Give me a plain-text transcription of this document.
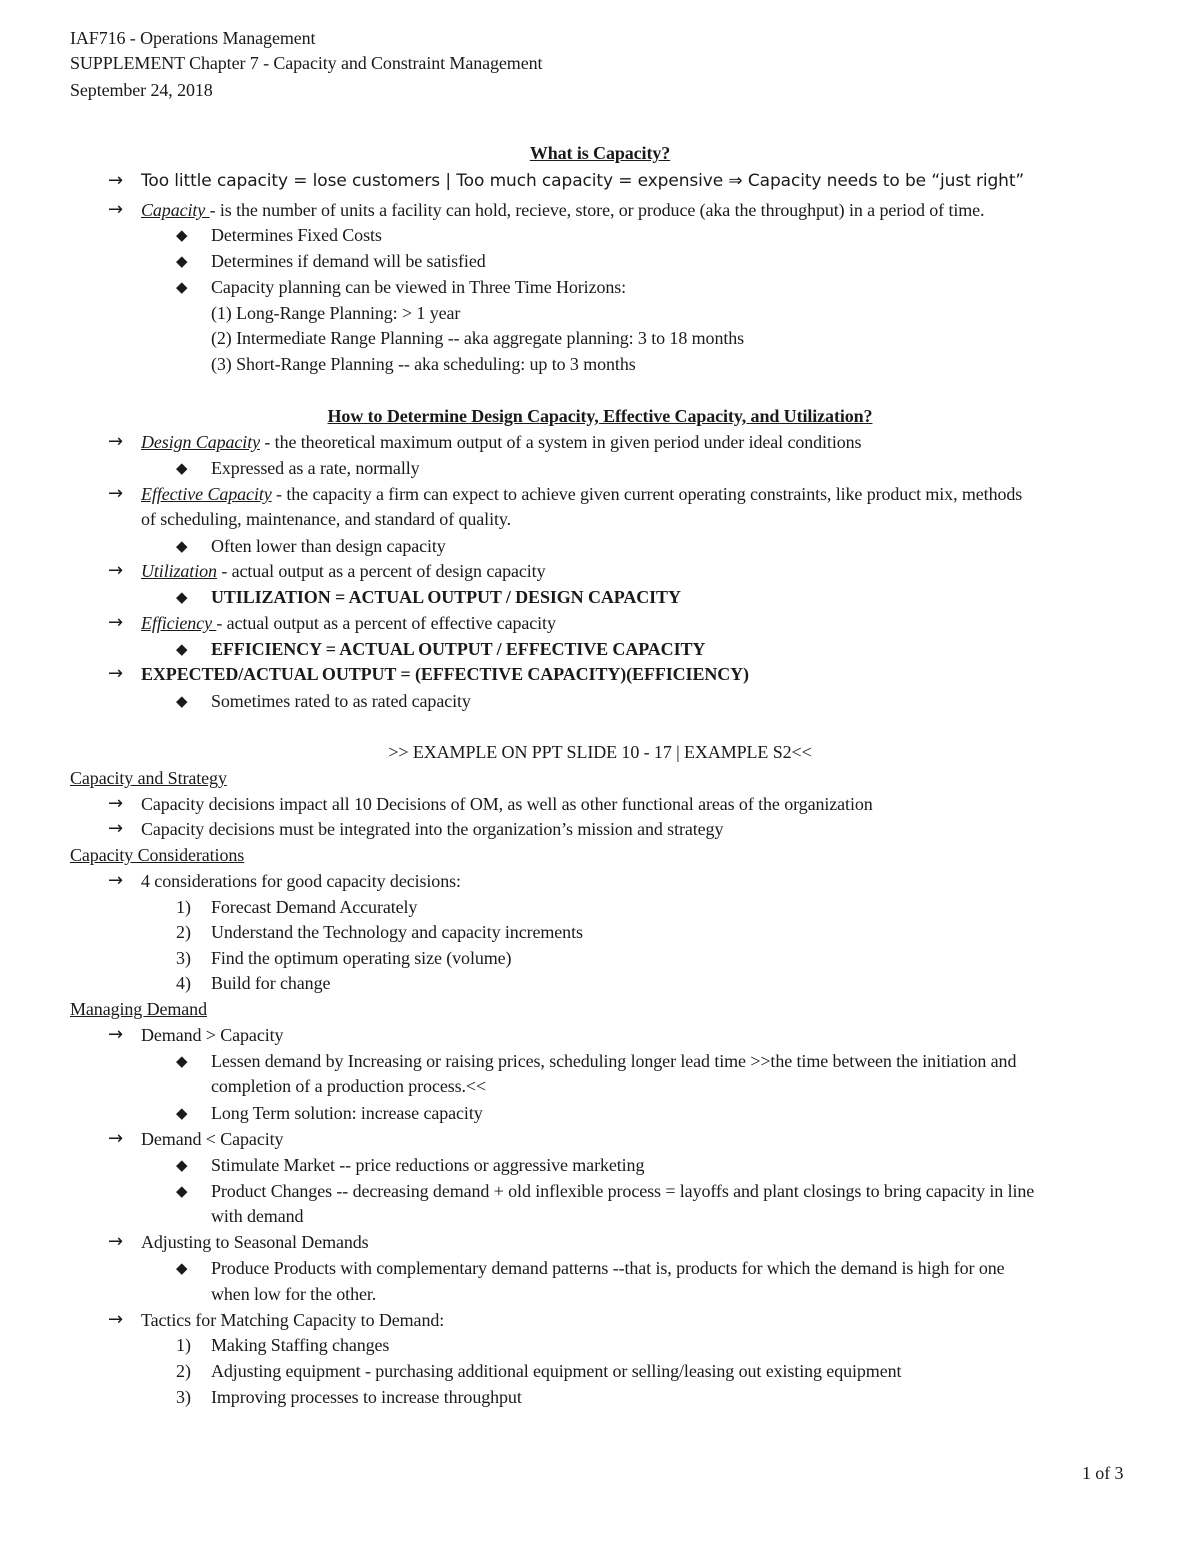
IAF716 - Operations Management
SUPPLEMENT Chapter 7 - Capacity and Constraint Management
September 24, 2018
What is Capacity?
→ Too little capacity = lose customers | Too much capacity = expensive ⇒ Capacity needs to be “just right”
→ Capacity - is the number of units a facility can hold, recieve, store, or produce (aka the throughput) in a period of time.
◆ Determines Fixed Costs
◆ Determines if demand will be satisfied
◆ Capacity planning can be viewed in Three Time Horizons:
(1) Long-Range Planning: > 1 year
(2) Intermediate Range Planning -- aka aggregate planning: 3 to 18 months
(3) Short-Range Planning -- aka scheduling: up to 3 months
How to Determine Design Capacity, Effective Capacity, and Utilization?
→ Design Capacity - the theoretical maximum output of a system in given period under ideal conditions
◆ Expressed as a rate, normally
→ Effective Capacity - the capacity a firm can expect to achieve given current operating constraints, like product mix, methods
of scheduling, maintenance, and standard of quality.
◆ Often lower than design capacity
→ Utilization - actual output as a percent of design capacity
◆ UTILIZATION = ACTUAL OUTPUT / DESIGN CAPACITY
→ Efficiency - actual output as a percent of effective capacity
◆ EFFICIENCY = ACTUAL OUTPUT / EFFECTIVE CAPACITY
→ EXPECTED/ACTUAL OUTPUT = (EFFECTIVE CAPACITY)(EFFICIENCY)
◆ Sometimes rated to as rated capacity
>> EXAMPLE ON PPT SLIDE 10 - 17 | EXAMPLE S2<<
Capacity and Strategy
→ Capacity decisions impact all 10 Decisions of OM, as well as other functional areas of the organization
→ Capacity decisions must be integrated into the organization’s mission and strategy
Capacity Considerations
→ 4 considerations for good capacity decisions:
1) Forecast Demand Accurately
2) Understand the Technology and capacity increments
3) Find the optimum operating size (volume)
4) Build for change
Managing Demand
→ Demand > Capacity
◆ Lessen demand by Increasing or raising prices, scheduling longer lead time >>the time between the initiation and
completion of a production process.<<
◆ Long Term solution: increase capacity
→ Demand < Capacity
◆ Stimulate Market -- price reductions or aggressive marketing
◆ Product Changes -- decreasing demand + old inflexible process = layoffs and plant closings to bring capacity in line
with demand
→ Adjusting to Seasonal Demands
◆ Produce Products with complementary demand patterns --that is, products for which the demand is high for one
when low for the other.
→ Tactics for Matching Capacity to Demand:
1) Making Staffing changes
2) Adjusting equipment - purchasing additional equipment or selling/leasing out existing equipment
3) Improving processes to increase throughput
1 of 3
